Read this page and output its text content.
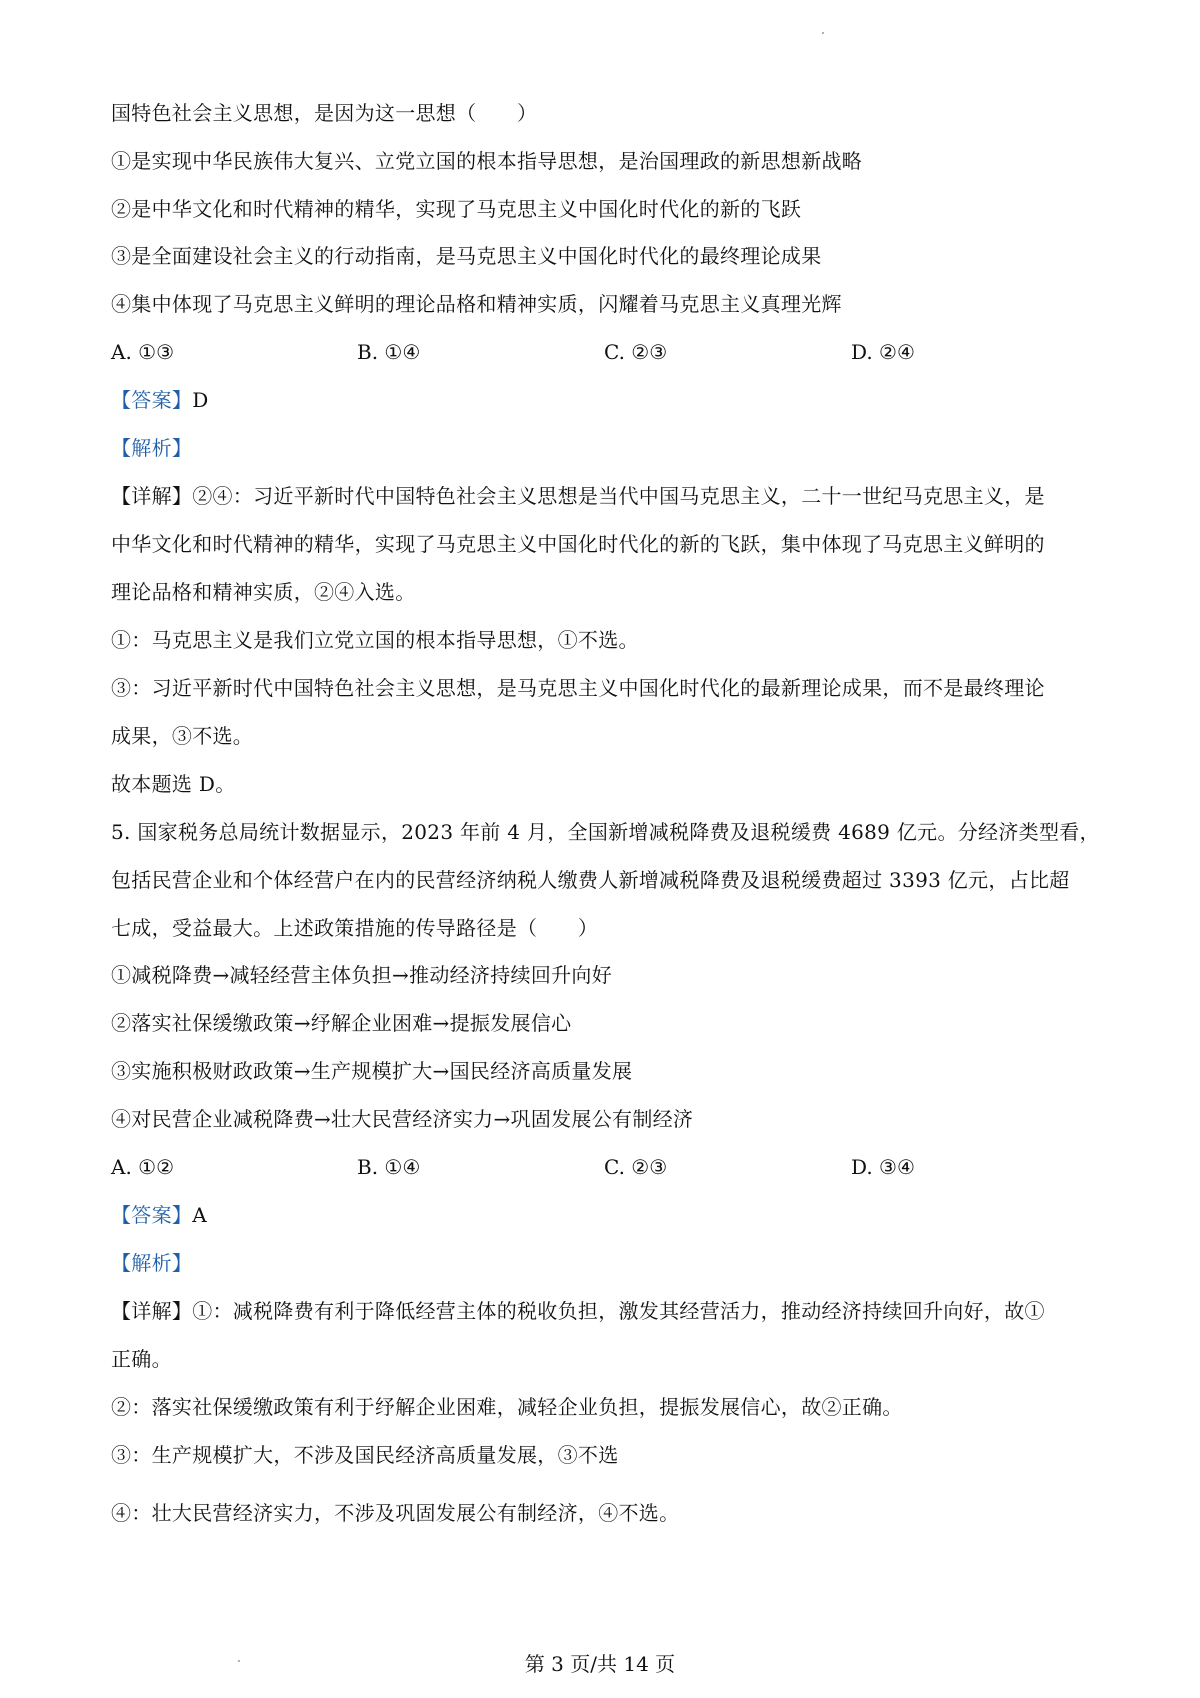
国特色社会主义思想，是因为这一思想（　　）
①是实现中华民族伟大复兴、立党立国的根本指导思想，是治国理政的新思想新战略
②是中华文化和时代精神的精华，实现了马克思主义中国化时代化的新的飞跃
③是全面建设社会主义的行动指南，是马克思主义中国化时代化的最终理论成果
④集中体现了马克思主义鲜明的理论品格和精神实质，闪耀着马克思主义真理光辉
A. ①③	B. ①④	C. ②③	D. ②④
【答案】D
【解析】
【详解】②④：习近平新时代中国特色社会主义思想是当代中国马克思主义，二十一世纪马克思主义，是
中华文化和时代精神的精华，实现了马克思主义中国化时代化的新的飞跃，集中体现了马克思主义鲜明的
理论品格和精神实质，②④入选。
①：马克思主义是我们立党立国的根本指导思想，①不选。
③：习近平新时代中国特色社会主义思想，是马克思主义中国化时代化的最新理论成果，而不是最终理论
成果，③不选。
故本题选 D。
5. 国家税务总局统计数据显示，2023 年前 4 月，全国新增减税降费及退税缓费 4689 亿元。分经济类型看，
包括民营企业和个体经营户在内的民营经济纳税人缴费人新增减税降费及退税缓费超过 3393 亿元，占比超
七成，受益最大。上述政策措施的传导路径是（　　）
①减税降费→减轻经营主体负担→推动经济持续回升向好
②落实社保缓缴政策→纾解企业困难→提振发展信心
③实施积极财政政策→生产规模扩大→国民经济高质量发展
④对民营企业减税降费→壮大民营经济实力→巩固发展公有制经济
A. ①②	B. ①④	C. ②③	D. ③④
【答案】A
【解析】
【详解】①：减税降费有利于降低经营主体的税收负担，激发其经营活力，推动经济持续回升向好，故①
正确。
②：落实社保缓缴政策有利于纾解企业困难，减轻企业负担，提振发展信心，故②正确。
③：生产规模扩大，不涉及国民经济高质量发展，③不选
④：壮大民营经济实力，不涉及巩固发展公有制经济，④不选。
第 3 页/共 14 页
